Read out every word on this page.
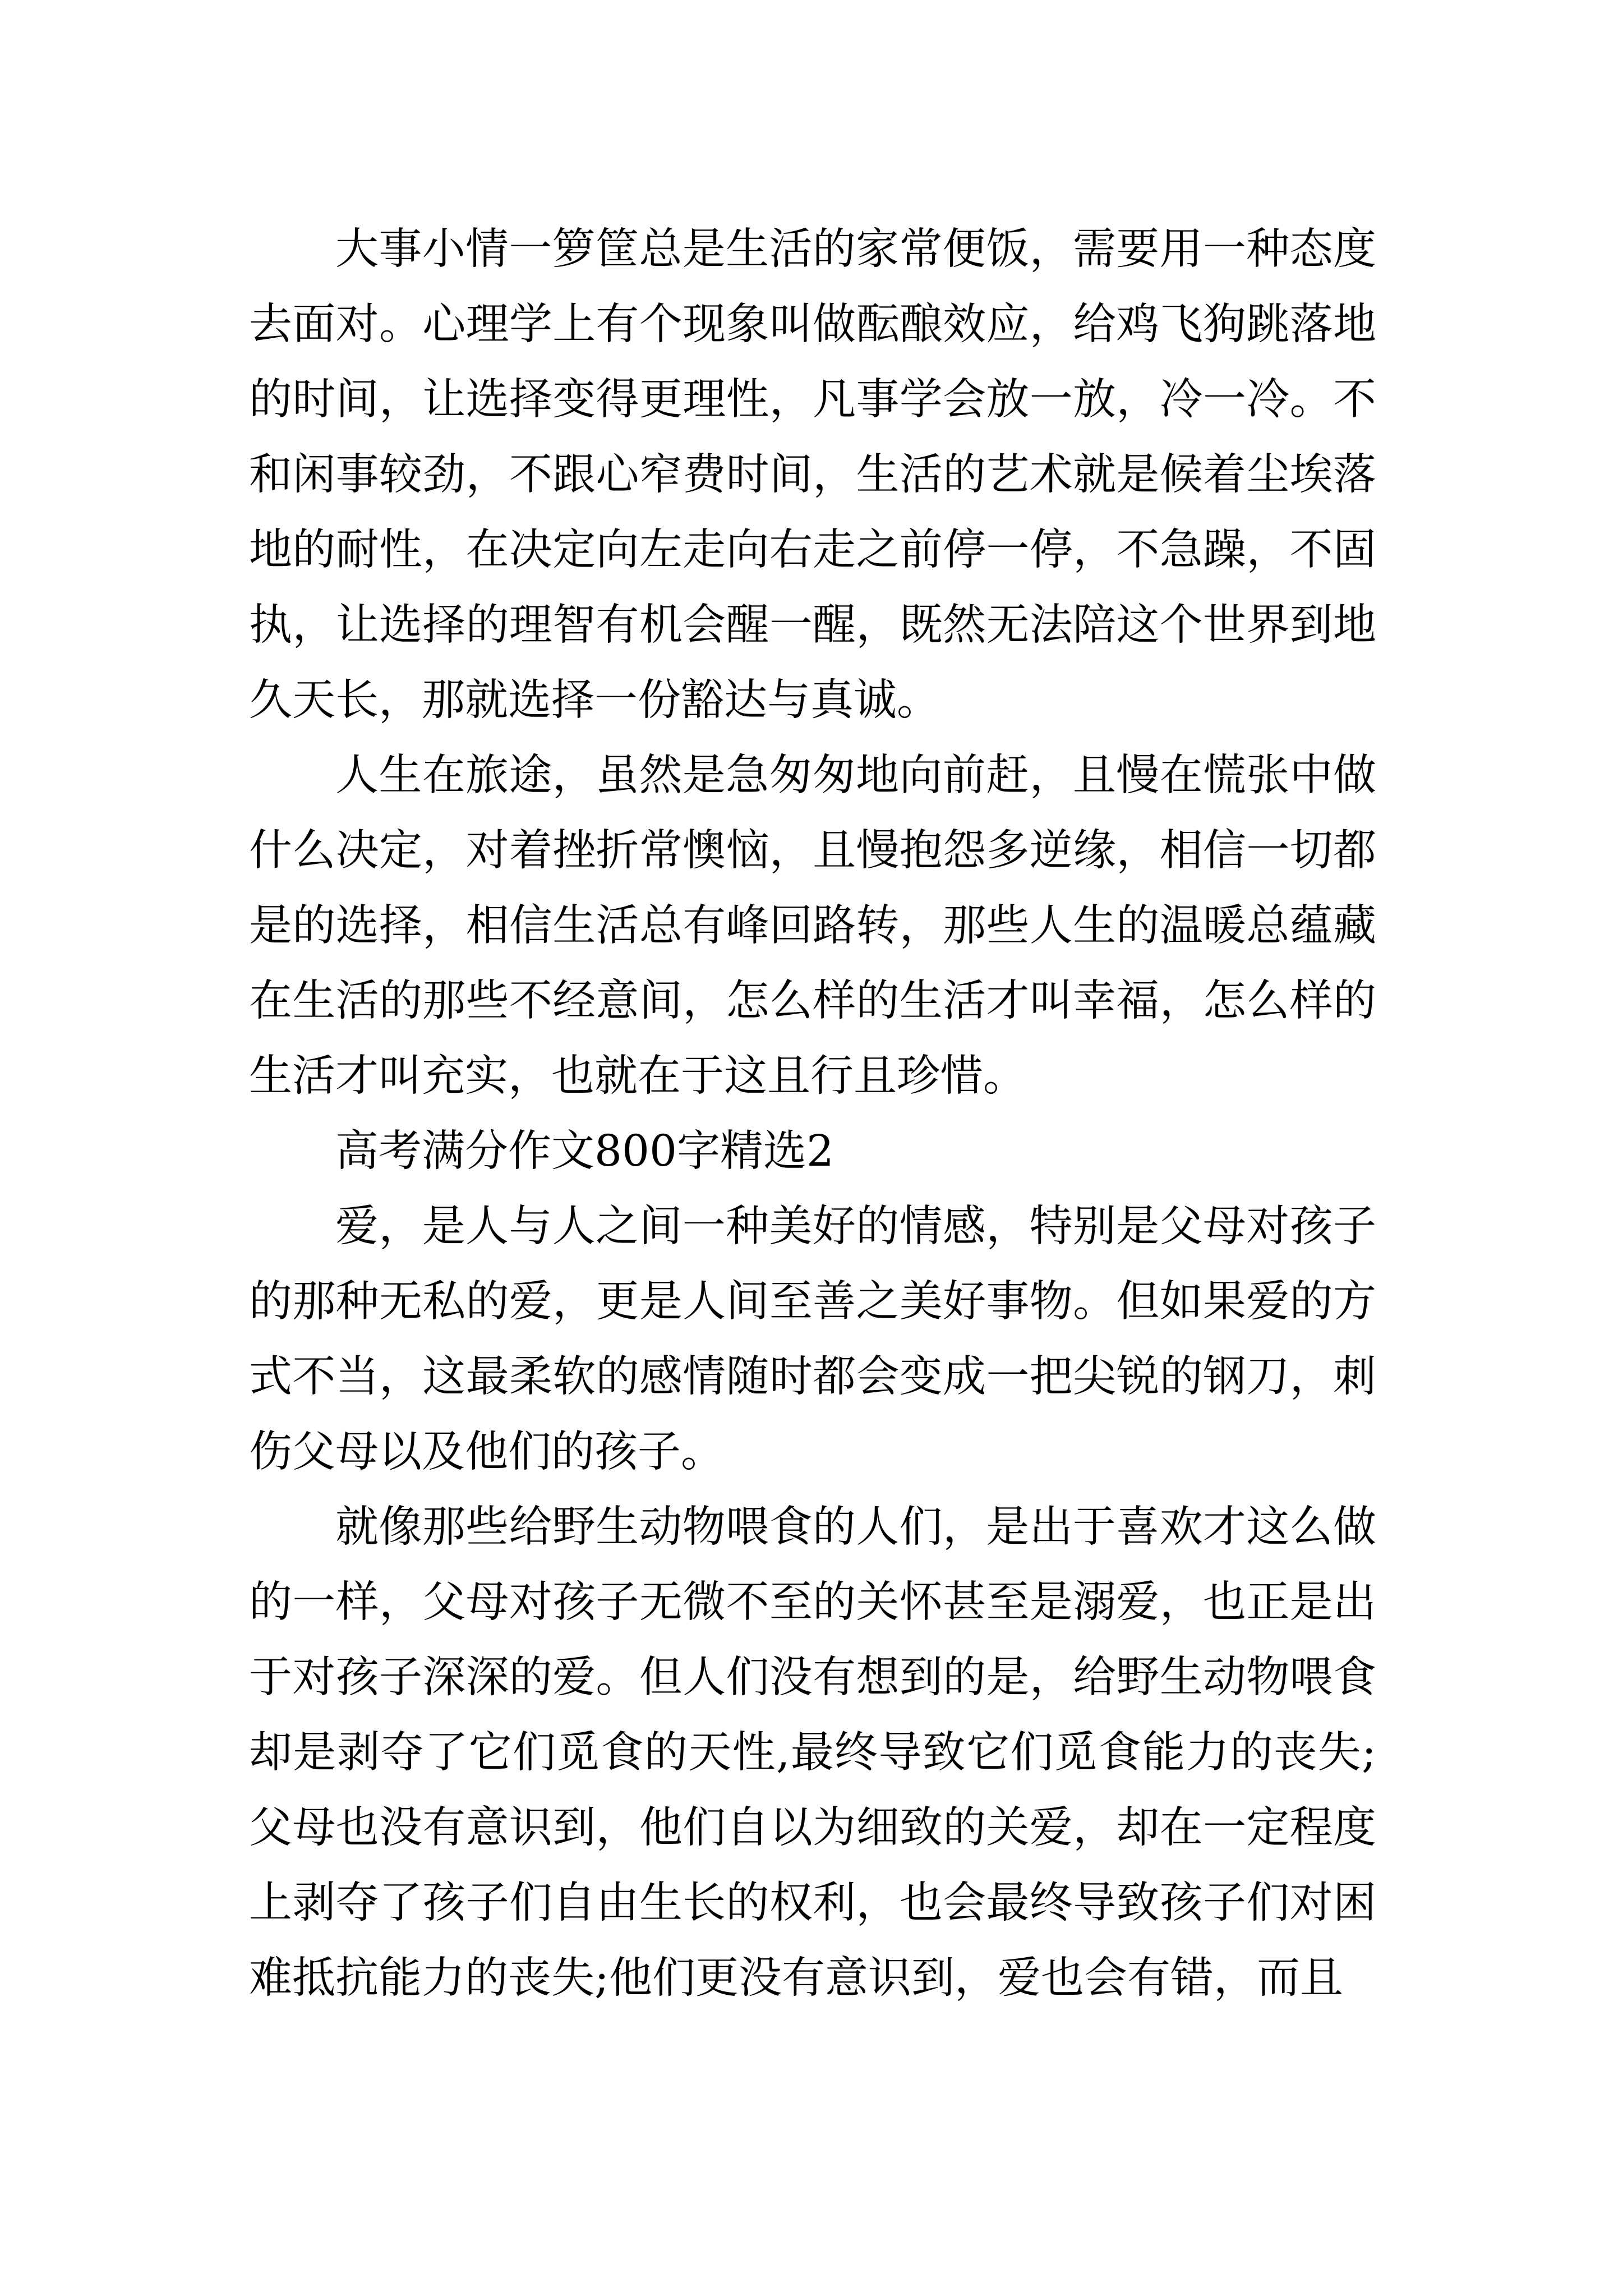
大事小情一箩筐总是生活的家常便饭，需要用一种态度去面对。心理学上有个现象叫做酝酿效应，给鸡飞狗跳落地的时间，让选择变得更理性，凡事学会放一放，冷一冷。不和闲事较劲，不跟心窄费时间，生活的艺术就是候着尘埃落地的耐性，在决定向左走向右走之前停一停，不急躁，不固执，让选择的理智有机会醒一醒，既然无法陪这个世界到地久天长，那就选择一份豁达与真诚。

人生在旅途，虽然是急匆匆地向前赶，且慢在慌张中做什么决定，对着挫折常懊恼，且慢抱怨多逆缘，相信一切都是的选择，相信生活总有峰回路转，那些人生的温暖总蕴藏在生活的那些不经意间，怎么样的生活才叫幸福，怎么样的生活才叫充实，也就在于这且行且珍惜。

高考满分作文800字精选2

爱，是人与人之间一种美好的情感，特别是父母对孩子的那种无私的爱，更是人间至善之美好事物。但如果爱的方式不当，这最柔软的感情随时都会变成一把尖锐的钢刀，刺伤父母以及他们的孩子。

就像那些给野生动物喂食的人们，是出于喜欢才这么做的一样，父母对孩子无微不至的关怀甚至是溺爱，也正是出于对孩子深深的爱。但人们没有想到的是，给野生动物喂食却是剥夺了它们觅食的天性,最终导致它们觅食能力的丧失;父母也没有意识到，他们自以为细致的关爱，却在一定程度上剥夺了孩子们自由生长的权利，也会最终导致孩子们对困难抵抗能力的丧失;他们更没有意识到，爱也会有错，而且
